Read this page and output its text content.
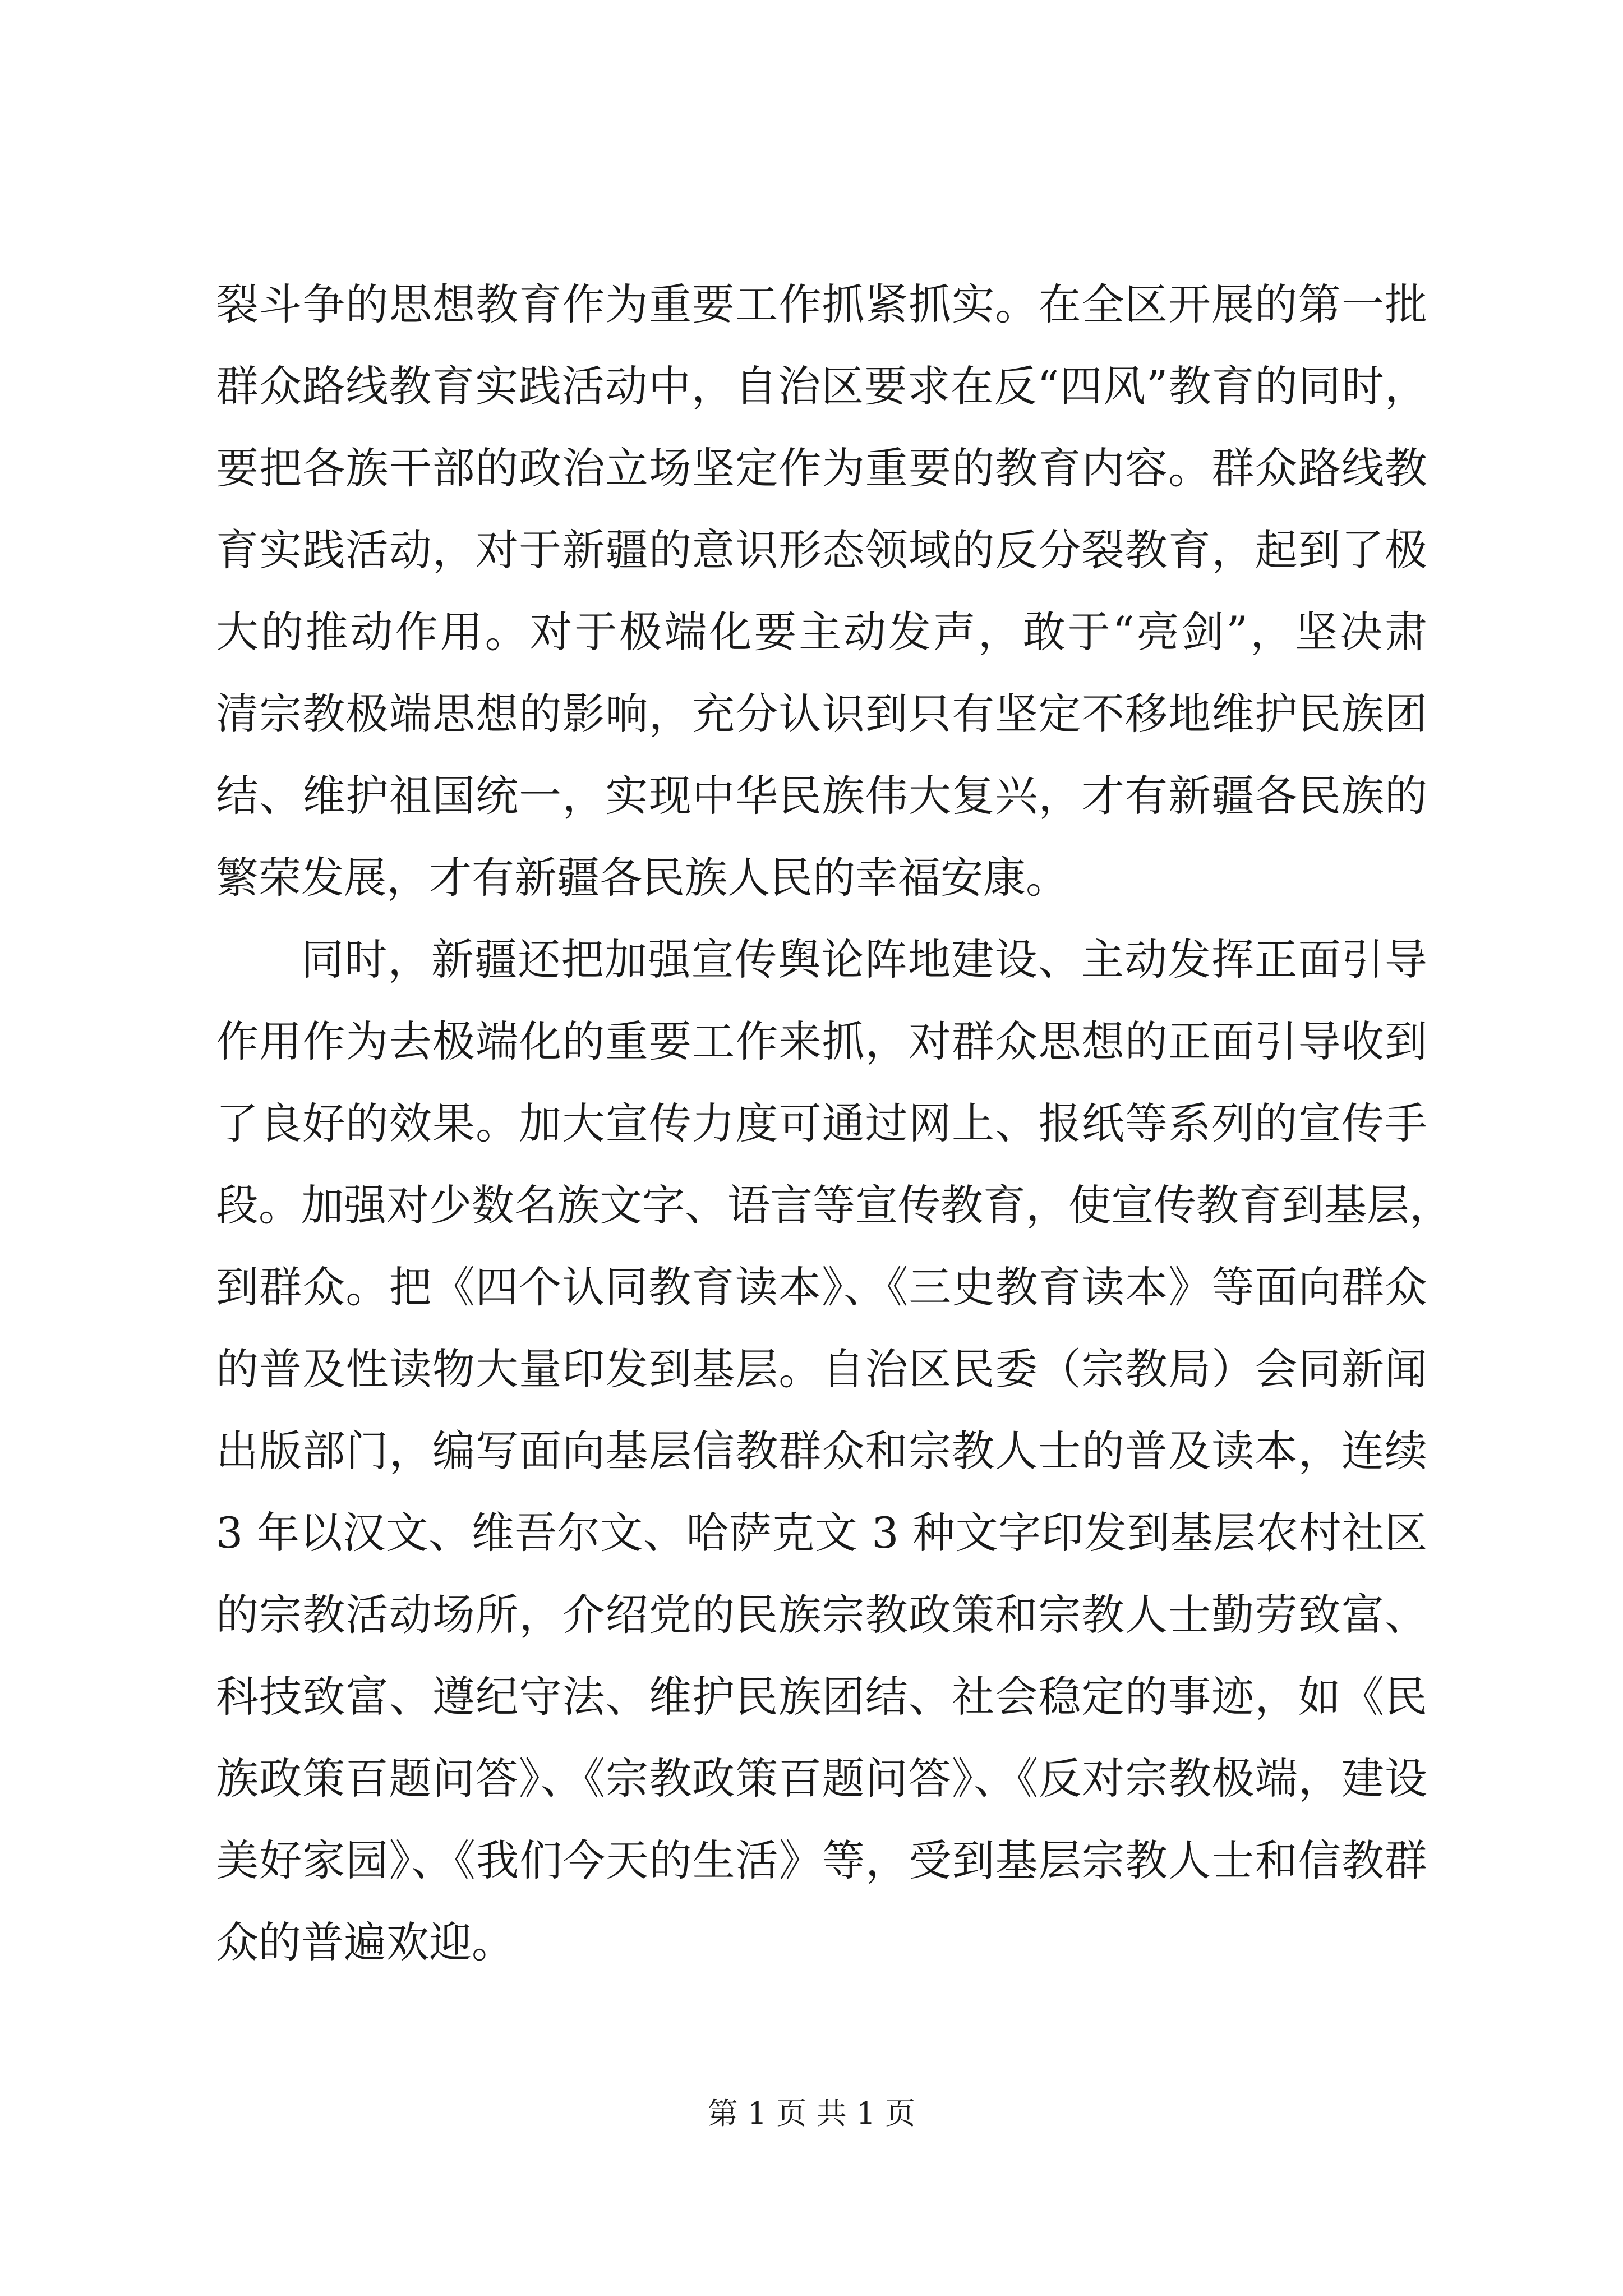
裂斗争的思想教育作为重要工作抓紧抓实。在全区开展的第一批
群众路线教育实践活动中，自治区要求在反“四风”教育的同时，
要把各族干部的政治立场坚定作为重要的教育内容。群众路线教
育实践活动，对于新疆的意识形态领域的反分裂教育，起到了极
大的推动作用。对于极端化要主动发声，敢于“亮剑”，坚决肃
清宗教极端思想的影响，充分认识到只有坚定不移地维护民族团
结、维护祖国统一，实现中华民族伟大复兴，才有新疆各民族的
繁荣发展，才有新疆各民族人民的幸福安康。
同时，新疆还把加强宣传舆论阵地建设、主动发挥正面引导
作用作为去极端化的重要工作来抓，对群众思想的正面引导收到
了良好的效果。加大宣传力度可通过网上、报纸等系列的宣传手
段。加强对少数名族文字、语言等宣传教育，使宣传教育到基层，
到群众。把《四个认同教育读本》、《三史教育读本》等面向群众
的普及性读物大量印发到基层。自治区民委（宗教局）会同新闻
出版部门，编写面向基层信教群众和宗教人士的普及读本，连续
3 年以汉文、维吾尔文、哈萨克文 3 种文字印发到基层农村社区
的宗教活动场所，介绍党的民族宗教政策和宗教人士勤劳致富、
科技致富、遵纪守法、维护民族团结、社会稳定的事迹，如《民
族政策百题问答》、《宗教政策百题问答》、《反对宗教极端，建设
美好家园》、《我们今天的生活》等，受到基层宗教人士和信教群
众的普遍欢迎。
第 1 页 共 1 页
